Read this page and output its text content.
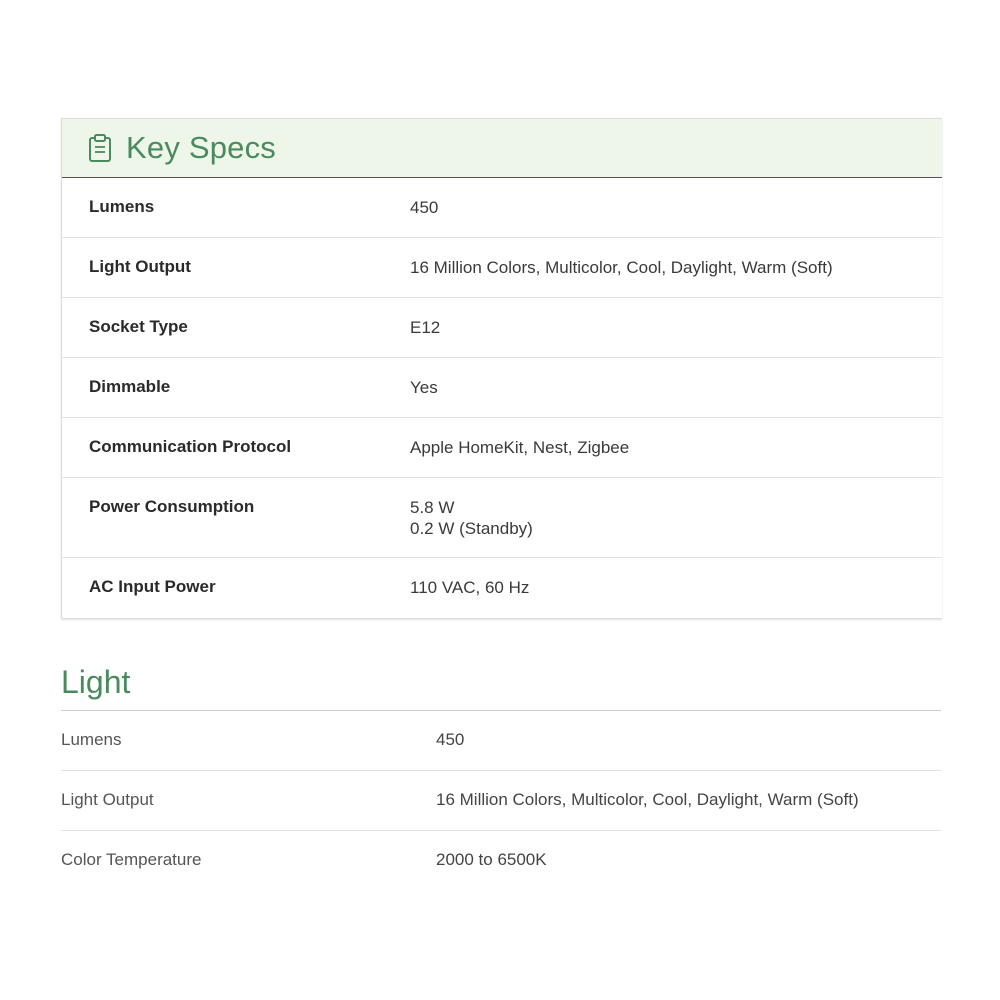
Key Specs
Lumens	450
Light Output	16 Million Colors, Multicolor, Cool, Daylight, Warm (Soft)
Socket Type	E12
Dimmable	Yes
Communication Protocol	Apple HomeKit, Nest, Zigbee
Power Consumption	5.8 W
0.2 W (Standby)
AC Input Power	110 VAC, 60 Hz
Light
Lumens	450
Light Output	16 Million Colors, Multicolor, Cool, Daylight, Warm (Soft)
Color Temperature	2000 to 6500K
